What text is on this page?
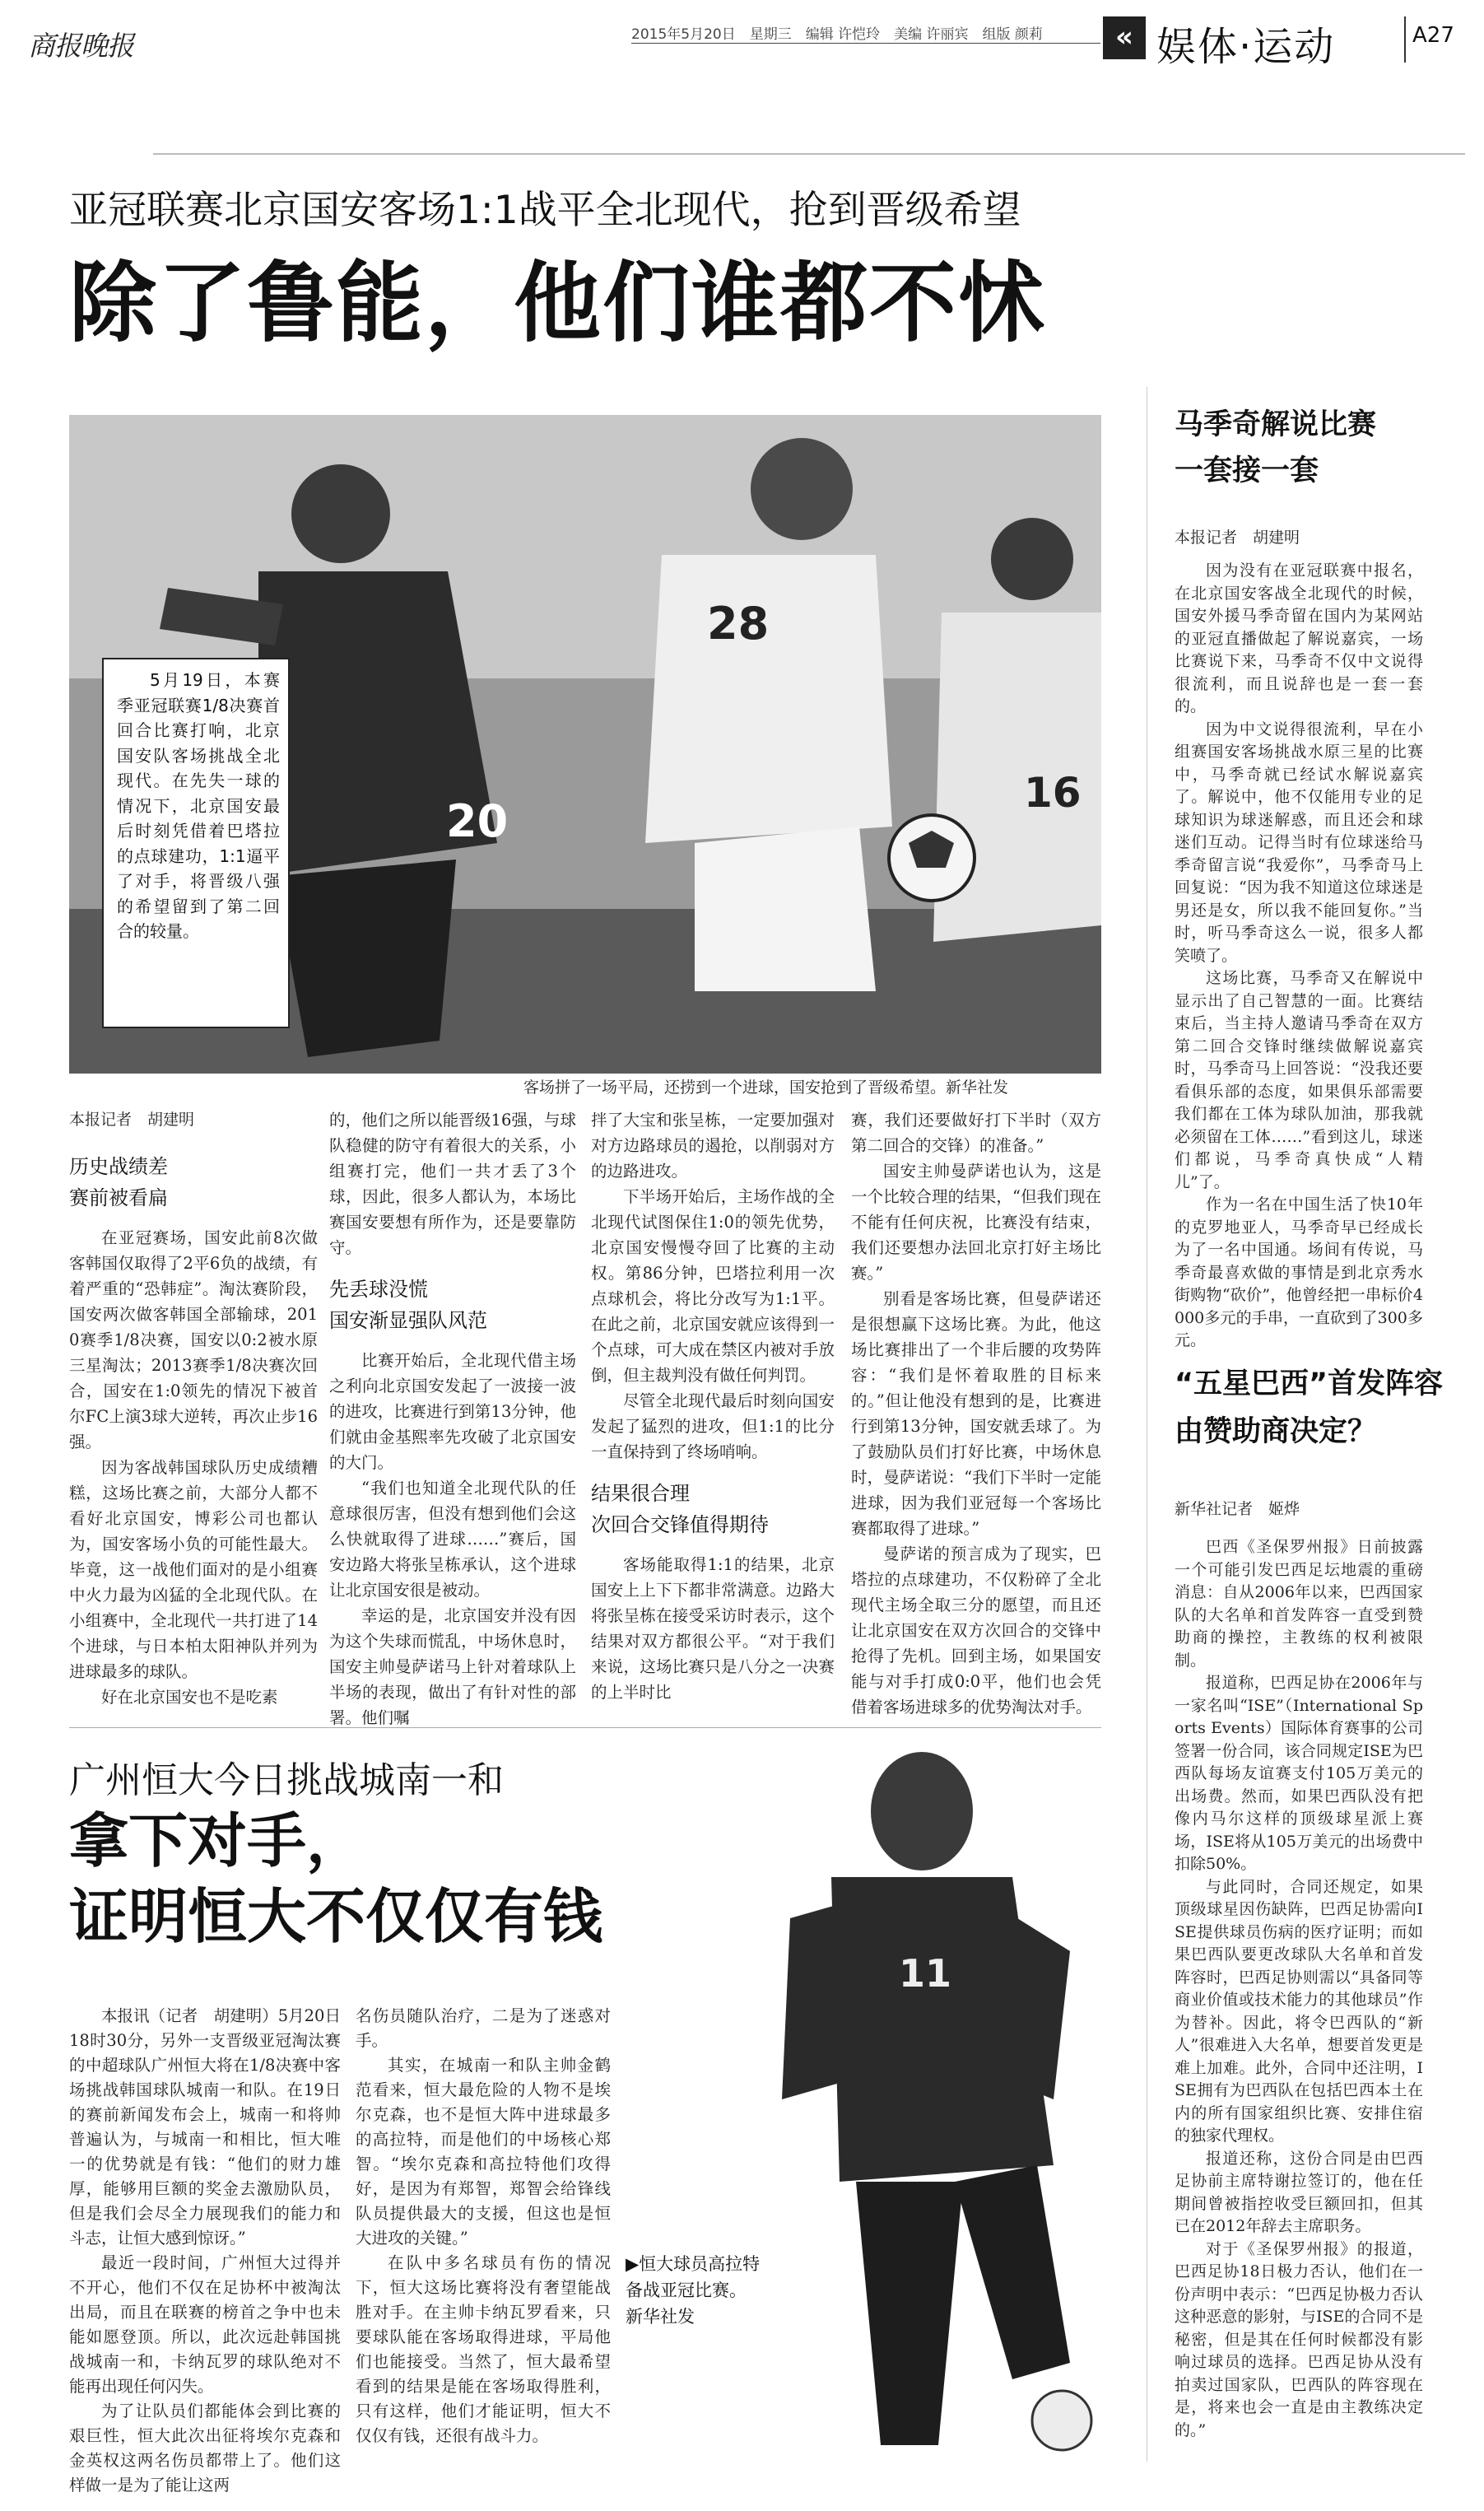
商报晚报	2015年5月20日　星期三　编辑 许恺玲　美编 许丽宾　组版 颜莉	« 娱体·运动	A27
亚冠联赛北京国安客场1:1战平全北现代，抢到晋级希望
除了鲁能，他们谁都不怵
20
28
16
5月19日，本赛季亚冠联赛1/8决赛首回合比赛打响，北京国安队客场挑战全北现代。在先失一球的情况下，北京国安最后时刻凭借着巴塔拉的点球建功，1:1逼平了对手，将晋级八强的希望留到了第二回合的较量。
客场拼了一场平局，还捞到一个进球，国安抢到了晋级希望。新华社发

本报记者　胡建明

历史战绩差
赛前被看扁

在亚冠赛场，国安此前8次做客韩国仅取得了2平6负的战绩，有着严重的“恐韩症”。淘汰赛阶段，国安两次做客韩国全部输球，2010赛季1/8决赛，国安以0:2被水原三星淘汰；2013赛季1/8决赛次回合，国安在1:0领先的情况下被首尔FC上演3球大逆转，再次止步16强。

因为客战韩国球队历史成绩糟糕，这场比赛之前，大部分人都不看好北京国安，博彩公司也都认为，国安客场小负的可能性最大。毕竟，这一战他们面对的是小组赛中火力最为凶猛的全北现代队。在小组赛中，全北现代一共打进了14个进球，与日本柏太阳神队并列为进球最多的球队。

好在北京国安也不是吃素

的，他们之所以能晋级16强，与球队稳健的防守有着很大的关系，小组赛打完，他们一共才丢了3个球，因此，很多人都认为，本场比赛国安要想有所作为，还是要靠防守。

先丢球没慌
国安渐显强队风范

比赛开始后，全北现代借主场之利向北京国安发起了一波接一波的进攻，比赛进行到第13分钟，他们就由金基熙率先攻破了北京国安的大门。

“我们也知道全北现代队的任意球很厉害，但没有想到他们会这么快就取得了进球……”赛后，国安边路大将张呈栋承认，这个进球让北京国安很是被动。

幸运的是，北京国安并没有因为这个失球而慌乱，中场休息时，国安主帅曼萨诺马上针对着球队上半场的表现，做出了有针对性的部署。他们嘱

拌了大宝和张呈栋，一定要加强对对方边路球员的遏抢，以削弱对方的边路进攻。

下半场开始后，主场作战的全北现代试图保住1:0的领先优势，北京国安慢慢夺回了比赛的主动权。第86分钟，巴塔拉利用一次点球机会，将比分改写为1:1平。在此之前，北京国安就应该得到一个点球，可大成在禁区内被对手放倒，但主裁判没有做任何判罚。

尽管全北现代最后时刻向国安发起了猛烈的进攻，但1:1的比分一直保持到了终场哨响。

结果很合理
次回合交锋值得期待

客场能取得1:1的结果，北京国安上上下下都非常满意。边路大将张呈栋在接受采访时表示，这个结果对双方都很公平。“对于我们来说，这场比赛只是八分之一决赛的上半时比

赛，我们还要做好打下半时（双方第二回合的交锋）的准备。”

国安主帅曼萨诺也认为，这是一个比较合理的结果，“但我们现在不能有任何庆祝，比赛没有结束，我们还要想办法回北京打好主场比赛。”

别看是客场比赛，但曼萨诺还是很想赢下这场比赛。为此，他这场比赛排出了一个非后腰的攻势阵容：“我们是怀着取胜的目标来的。”但让他没有想到的是，比赛进行到第13分钟，国安就丢球了。为了鼓励队员们打好比赛，中场休息时，曼萨诺说：“我们下半时一定能进球，因为我们亚冠每一个客场比赛都取得了进球。”

曼萨诺的预言成为了现实，巴塔拉的点球建功，不仅粉碎了全北现代主场全取三分的愿望，而且还让北京国安在双方次回合的交锋中抢得了先机。回到主场，如果国安能与对手打成0:0平，他们也会凭借着客场进球多的优势淘汰对手。

马季奇解说比赛
一套接一套
本报记者　胡建明

因为没有在亚冠联赛中报名，在北京国安客战全北现代的时候，国安外援马季奇留在国内为某网站的亚冠直播做起了解说嘉宾，一场比赛说下来，马季奇不仅中文说得很流利，而且说辞也是一套一套的。

因为中文说得很流利，早在小组赛国安客场挑战水原三星的比赛中，马季奇就已经试水解说嘉宾了。解说中，他不仅能用专业的足球知识为球迷解惑，而且还会和球迷们互动。记得当时有位球迷给马季奇留言说“我爱你”，马季奇马上回复说：“因为我不知道这位球迷是男还是女，所以我不能回复你。”当时，听马季奇这么一说，很多人都笑喷了。

这场比赛，马季奇又在解说中显示出了自己智慧的一面。比赛结束后，当主持人邀请马季奇在双方第二回合交锋时继续做解说嘉宾时，马季奇马上回答说：“没我还要看俱乐部的态度，如果俱乐部需要我们都在工体为球队加油，那我就必须留在工体……”看到这儿，球迷们都说，马季奇真快成“人精儿”了。

作为一名在中国生活了快10年的克罗地亚人，马季奇早已经成长为了一名中国通。场间有传说，马季奇最喜欢做的事情是到北京秀水街购物“砍价”，他曾经把一串标价4000多元的手串，一直砍到了300多元。

“五星巴西”首发阵容
由赞助商决定？
新华社记者　姬烨

巴西《圣保罗州报》日前披露一个可能引发巴西足坛地震的重磅消息：自从2006年以来，巴西国家队的大名单和首发阵容一直受到赞助商的操控，主教练的权利被限制。

报道称，巴西足协在2006年与一家名叫“ISE”（International Sports Events）国际体育赛事的公司签署一份合同，该合同规定ISE为巴西队每场友谊赛支付105万美元的出场费。然而，如果巴西队没有把像内马尔这样的顶级球星派上赛场，ISE将从105万美元的出场费中扣除50%。

与此同时，合同还规定，如果顶级球星因伤缺阵，巴西足协需向ISE提供球员伤病的医疗证明；而如果巴西队要更改球队大名单和首发阵容时，巴西足协则需以“具备同等商业价值或技术能力的其他球员”作为替补。因此，将令巴西队的“新人”很难进入大名单，想要首发更是难上加难。此外，合同中还注明，ISE拥有为巴西队在包括巴西本土在内的所有国家组织比赛、安排住宿的独家代理权。

报道还称，这份合同是由巴西足协前主席特谢拉签订的，他在任期间曾被指控收受巨额回扣，但其已在2012年辞去主席职务。

对于《圣保罗州报》的报道，巴西足协18日极力否认，他们在一份声明中表示：“巴西足协极力否认这种恶意的影射，与ISE的合同不是秘密，但是其在任何时候都没有影响过球员的选择。巴西足协从没有拍卖过国家队，巴西队的阵容现在是，将来也会一直是由主教练决定的。”

广州恒大今日挑战城南一和
拿下对手，
证明恒大不仅仅有钱
11
▶恒大球员高拉特备战亚冠比赛。　新华社发

本报讯（记者　胡建明）5月20日18时30分，另外一支晋级亚冠淘汰赛的中超球队广州恒大将在1/8决赛中客场挑战韩国球队城南一和队。在19日的赛前新闻发布会上，城南一和将帅普遍认为，与城南一和相比，恒大唯一的优势就是有钱：“他们的财力雄厚，能够用巨额的奖金去激励队员，但是我们会尽全力展现我们的能力和斗志，让恒大感到惊讶。”

最近一段时间，广州恒大过得并不开心，他们不仅在足协杯中被淘汰出局，而且在联赛的榜首之争中也未能如愿登顶。所以，此次远赴韩国挑战城南一和，卡纳瓦罗的球队绝对不能再出现任何闪失。

为了让队员们都能体会到比赛的艰巨性，恒大此次出征将埃尔克森和金英权这两名伤员都带上了。他们这样做一是为了能让这两

名伤员随队治疗，二是为了迷惑对手。

其实，在城南一和队主帅金鹤范看来，恒大最危险的人物不是埃尔克森，也不是恒大阵中进球最多的高拉特，而是他们的中场核心郑智。“埃尔克森和高拉特他们攻得好，是因为有郑智，郑智会给锋线队员提供最大的支援，但这也是恒大进攻的关键。”

在队中多名球员有伤的情况下，恒大这场比赛将没有奢望能战胜对手。在主帅卡纳瓦罗看来，只要球队能在客场取得进球，平局他们也能接受。当然了，恒大最希望看到的结果是能在客场取得胜利，只有这样，他们才能证明，恒大不仅仅有钱，还很有战斗力。
